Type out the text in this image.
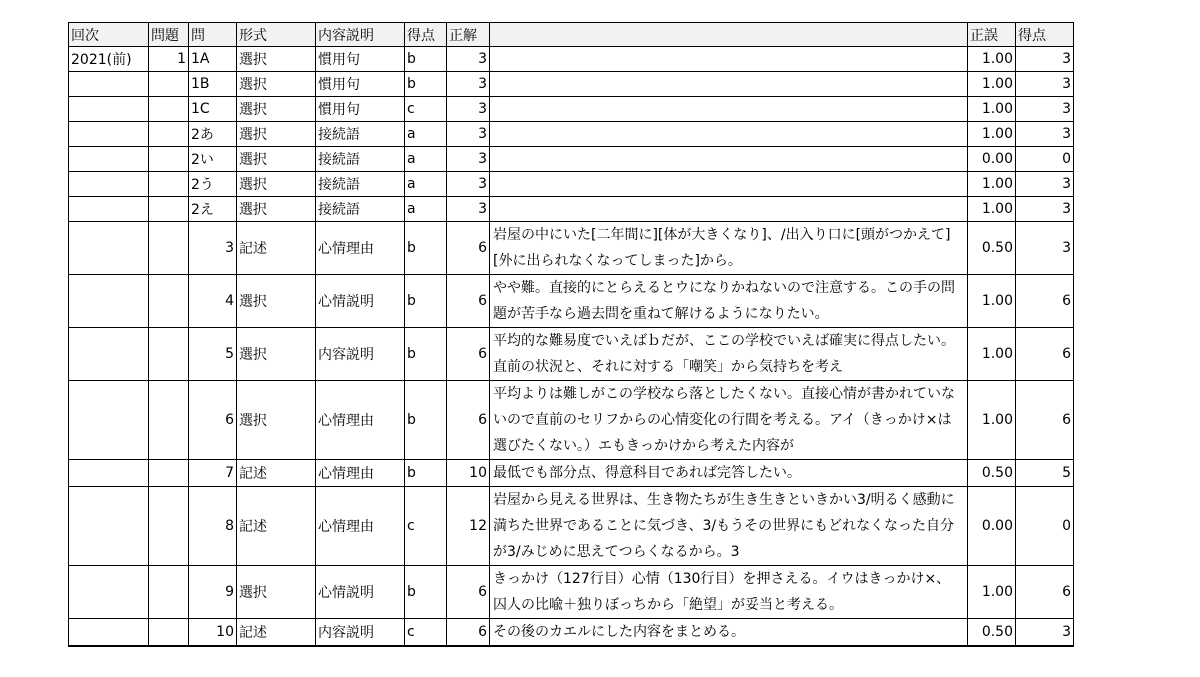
回次	問題	問	形式	内容説明	得点	正解		正誤	得点
2021(前)	1	1A	選択	慣用句	b	3		1.00	3
		1B	選択	慣用句	b	3		1.00	3
		1C	選択	慣用句	c	3		1.00	3
		2あ	選択	接続語	a	3		1.00	3
		2い	選択	接続語	a	3		0.00	0
		2う	選択	接続語	a	3		1.00	3
		2え	選択	接続語	a	3		1.00	3
		3	記述	心情理由	b	6	岩屋の中にいた[二年間に][体が大きくなり]、/出入り口に[頭がつかえて][外に出られなくなってしまった]から。	0.50	3
		4	選択	心情説明	b	6	やや難。直接的にとらえるとウになりかねないので注意する。この手の問題が苦手なら過去問を重ねて解けるようになりたい。	1.00	6
		5	選択	内容説明	b	6	平均的な難易度でいえばｂだが、ここの学校でいえば確実に得点したい。直前の状況と、それに対する「嘲笑」から気持ちを考え	1.00	6
		6	選択	心情理由	b	6	平均よりは難しがこの学校なら落としたくない。直接心情が書かれていないので直前のセリフからの心情変化の行間を考える。アイ（きっかけ×は選びたくない。）エもきっかけから考えた内容が	1.00	6
		7	記述	心情理由	b	10	最低でも部分点、得意科目であれば完答したい。	0.50	5
		8	記述	心情理由	c	12	岩屋から見える世界は、生き物たちが生き生きといきかい3/明るく感動に満ちた世界であることに気づき、3/もうその世界にもどれなくなった自分が3/みじめに思えてつらくなるから。3	0.00	0
		9	選択	心情説明	b	6	きっかけ（127行目）心情（130行目）を押さえる。イウはきっかけ×、囚人の比喩＋独りぼっちから「絶望」が妥当と考える。	1.00	6
		10	記述	内容説明	c	6	その後のカエルにした内容をまとめる。	0.50	3
